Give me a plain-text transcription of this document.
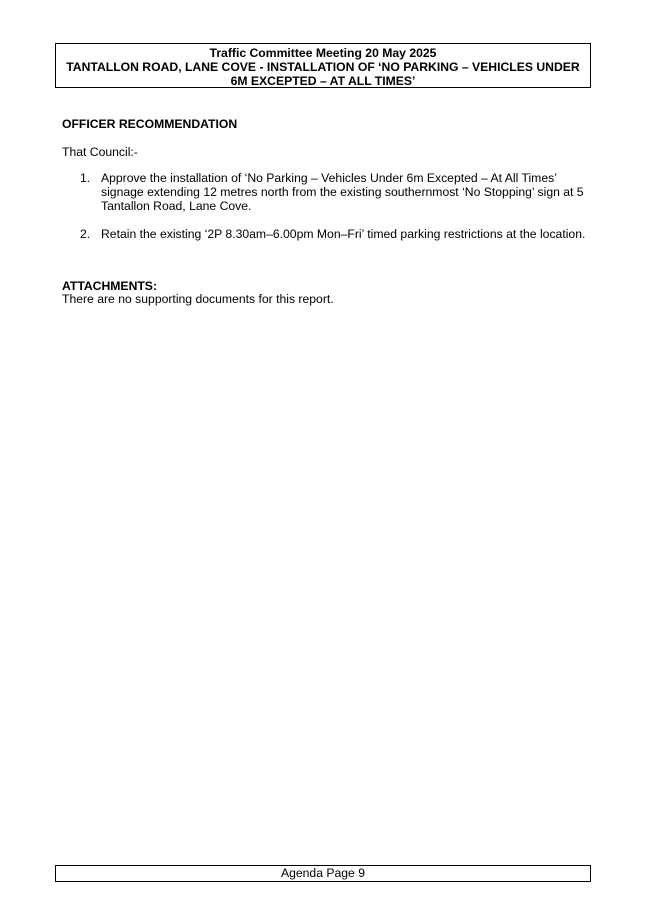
Traffic Committee Meeting 20 May 2025
TANTALLON ROAD, LANE COVE - INSTALLATION OF ‘NO PARKING – VEHICLES UNDER
6M EXCEPTED – AT ALL TIMES’
OFFICER RECOMMENDATION
That Council:-
1. Approve the installation of ‘No Parking – Vehicles Under 6m Excepted – At All Times’
signage extending 12 metres north from the existing southernmost ‘No Stopping’ sign at 5
Tantallon Road, Lane Cove.
2. Retain the existing ‘2P 8.30am–6.00pm Mon–Fri’ timed parking restrictions at the location.
ATTACHMENTS:
There are no supporting documents for this report.
Agenda Page 9
